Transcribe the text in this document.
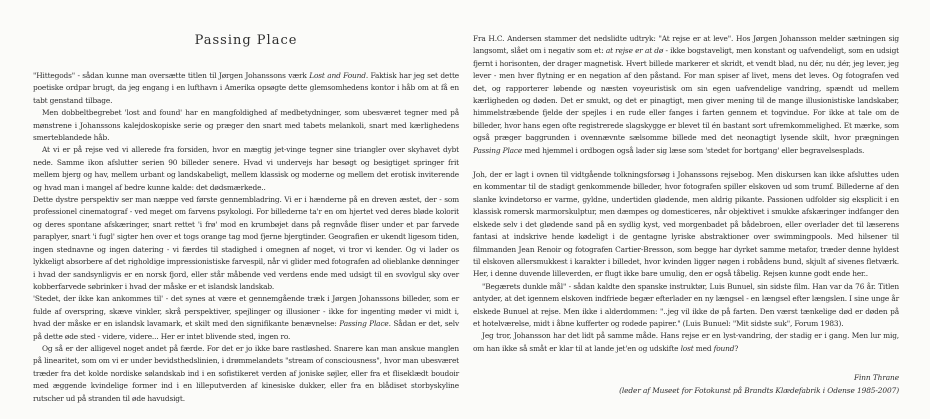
Passing Place

"Hittegods" - sådan kunne man oversætte titlen til Jørgen Johanssons værk Lost and Found. Faktisk har jeg set dette poetiske ordpar brugt, da jeg engang i en lufthavn i Amerika opsøgte dette glemsomhedens kontor i håb om at få en tabt genstand tilbage.

Men dobbeltbegrebet 'lost and found' har en mangfoldighed af medbetydninger, som ubesværet tegner med på mønstrene i Johanssons kalejdoskopiske serie og præger den snart med tabets melankoli, snart med kærlighedens smerteblandede håb.

At vi er på rejse ved vi allerede fra forsiden, hvor en mægtig jet-vinge tegner sine triangler over skyhavet dybt nede. Samme ikon afslutter serien 90 billeder senere. Hvad vi undervejs har besøgt og besigtiget springer frit mellem bjerg og hav, mellem urbant og landskabeligt, mellem klassisk og moderne og mellem det erotisk inviterende og hvad man i mangel af bedre kunne kalde: det dødsmærkede..

Dette dystre perspektiv ser man næppe ved første gennembladring. Vi er i hænderne på en dreven æstet, der - som professionel cinematograf - ved meget om farvens psykologi. For billederne ta'r en om hjertet ved deres bløde kolorit og deres spontane afskæringer, snart rettet 'i frø' mod en krumbøjet dans på regnvåde fliser under et par farvede paraplyer, snart 'i fugl' sigter hen over et togs orange tag mod fjerne bjergtinder. Geografien er ukendt ligesom tiden, ingen stednavne og ingen datering - vi færdes til stadighed i omegnen af noget, vi tror vi kender. Og vi lader os lykkeligt absorbere af det righoldige impressionistiske farvespil, når vi glider med fotografen ad olieblanke dønninger i hvad der sandsynligvis er en norsk fjord, eller står måbende ved verdens ende med udsigt til en svovlgul sky over kobberfarvede søbrinker i hvad der måske er et islandsk landskab.

'Stedet, der ikke kan ankommes til' - det synes at være et gennemgående træk i Jørgen Johanssons billeder, som er fulde af overspring, skæve vinkler, skrå perspektiver, spejlinger og illusioner - ikke for ingenting møder vi midt i, hvad der måske er en islandsk lavamark, et skilt med den signifikante benævnelse: Passing Place. Sådan er det, selv på dette øde sted - videre, videre... Her er intet blivende sted, ingen ro.

Og så er der alligevel noget andet på færde. For det er jo ikke bare rastløshed. Snarere kan man anskue manglen på linearitet, som om vi er under bevidsthedslinien, i drømmelandets "stream of consciousness", hvor man ubesværet træder fra det kolde nordiske sølandskab ind i en sofistikeret verden af joniske søjler, eller fra et fliseklædt boudoir med æggende kvindelige former ind i en lilleputverden af kinesiske dukker, eller fra en blådiset storbyskyline rutscher ud på stranden til øde havudsigt.

Fra H.C. Andersen stammer det nedslidte udtryk: "At rejse er at leve". Hos Jørgen Johansson melder sætningen sig langsomt, slået om i negativ som et: at rejse er at dø - ikke bogstaveligt, men konstant og uafvendeligt, som en udsigt fjernt i horisonten, der drager magnetisk. Hvert billede markerer et skridt, et vendt blad, nu dér, nu dér, jeg lever, jeg lever - men hver flytning er en negation af den påstand. For man spiser af livet, mens det leves. Og fotografen ved det, og rapporterer løbende og næsten voyeuristisk om sin egen uafvendelige vandring, spændt ud mellem kærligheden og døden. Det er smukt, og det er pinagtigt, men giver mening til de mange illusionistiske landskaber, himmelstræbende fjelde der spejles i en rude eller fanges i farten gennem et togvindue. For ikke at tale om de billeder, hvor hans egen ofte registrerede slagskygge er blevet til én bastant sort ufremkommelighed. Et mærke, som også præger baggrunden i ovennævnte sælsomme billede med det neonagtigt lysende skilt, hvor prægningen Passing Place med hjemmel i ordbogen også lader sig læse som 'stedet for bortgang' eller begravelsesplads.

Joh, der er lagt i ovnen til vidtgående tolkningsforsøg i Johanssons rejsebog. Men diskursen kan ikke afsluttes uden en kommentar til de stadigt genkommende billeder, hvor fotografen spiller elskoven ud som trumf. Billederne af den slanke kvindetorso er varme, gyldne, undertiden glødende, men aldrig pikante. Passionen udfolder sig eksplicit i en klassisk romersk marmorskulptur, men dæmpes og domesticeres, når objektivet i smukke afskæringer indfanger den elskede selv i det glødende sand på en sydlig kyst, ved morgenbadet på bådebroen, eller overlader det til læserens fantasi at indskrive hende kødeligt i de gentagne lyriske abstraktioner over swimmingpools. Med hilsener til filmmanden Jean Renoir og fotografen Cartier-Bresson, som begge har dyrket samme metafor, træder denne hyldest til elskoven allersmukkest i karakter i billedet, hvor kvinden ligger nøgen i robådens bund, skjult af sivenes fletværk. Her, i denne duvende lilleverden, er flugt ikke bare umulig, den er også tåbelig. Rejsen kunne godt ende her..

"Begærets dunkle mål" - sådan kaldte den spanske instruktør, Luis Bunuel, sin sidste film. Han var da 76 år. Titlen antyder, at det igennem elskoven indfriede begær efterlader en ny længsel - en længsel efter længslen. I sine unge år elskede Bunuel at rejse. Men ikke i alderdommen: "..jeg vil ikke dø på farten. Den værst tænkelige død er døden på et hotelværelse, midt i åbne kufferter og rodede papirer." (Luis Bunuel: "Mit sidste suk", Forum 1983).

Jeg tror, Johansson har det lidt på samme måde. Hans rejse er en lyst-vandring, der stadig er i gang. Men lur mig, om han ikke så småt er klar til at lande jet'en og udskifte lost med found?

Finn Thrane
(leder af Museet for Fotokunst på Brandts Klædefabrik i Odense 1985-2007)
